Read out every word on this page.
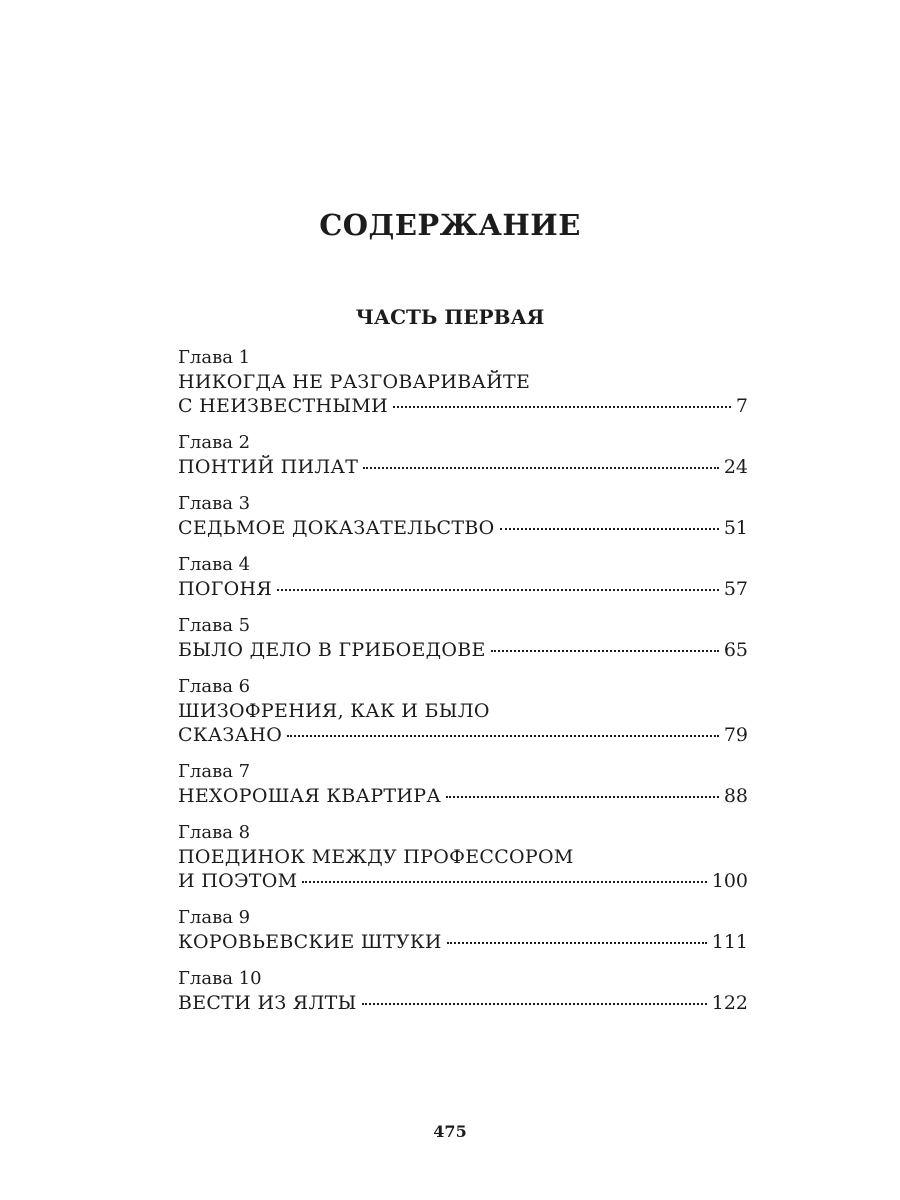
СОДЕРЖАНИЕ
ЧАСТЬ ПЕРВАЯ
Глава 1
НИКОГДА НЕ РАЗГОВАРИВАЙТЕ
С НЕИЗВЕСТНЫМИ	7
Глава 2
ПОНТИЙ ПИЛАТ	24
Глава 3
СЕДЬМОЕ ДОКАЗАТЕЛЬСТВО	51
Глава 4
ПОГОНЯ	57
Глава 5
БЫЛО ДЕЛО В ГРИБОЕДОВЕ	65
Глава 6
ШИЗОФРЕНИЯ, КАК И БЫЛО
СКАЗАНО	79
Глава 7
НЕХОРОШАЯ КВАРТИРА	88
Глава 8
ПОЕДИНОК МЕЖДУ ПРОФЕССОРОМ
И ПОЭТОМ	100
Глава 9
КОРОВЬЕВСКИЕ ШТУКИ	111
Глава 10
ВЕСТИ ИЗ ЯЛТЫ	122
475
